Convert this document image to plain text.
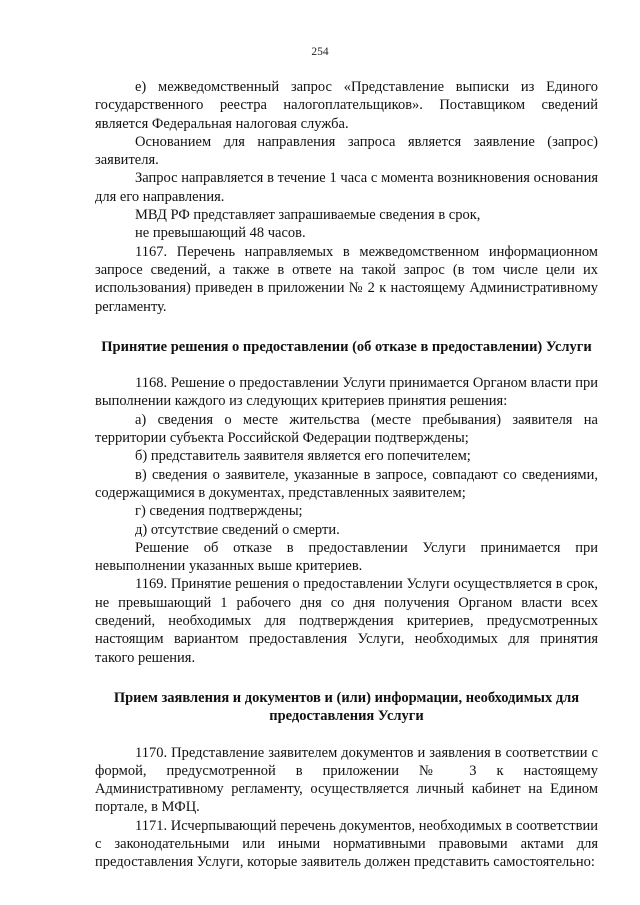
254

е) межведомственный запрос «Представление выписки из Единого государственного реестра налогоплательщиков». Поставщиком сведений является Федеральная налоговая служба.

Основанием для направления запроса является заявление (запрос) заявителя.

Запрос направляется в течение 1 часа с момента возникновения основания для его направления.

МВД РФ представляет запрашиваемые сведения в срок,

не превышающий 48 часов.

1167. Перечень направляемых в межведомственном информационном запросе сведений, а также в ответе на такой запрос (в том числе цели их использования) приведен в приложении № 2 к настоящему Административному регламенту.

Принятие решения о предоставлении (об отказе в предоставлении) Услуги

1168. Решение о предоставлении Услуги принимается Органом власти при выполнении каждого из следующих критериев принятия решения:

а) сведения о месте жительства (месте пребывания) заявителя на территории субъекта Российской Федерации подтверждены;

б) представитель заявителя является его попечителем;

в) сведения о заявителе, указанные в запросе, совпадают со сведениями, содержащимися в документах, представленных заявителем;

г) сведения подтверждены;

д) отсутствие сведений о смерти.

Решение об отказе в предоставлении Услуги принимается при невыполнении указанных выше критериев.

1169. Принятие решения о предоставлении Услуги осуществляется в срок, не превышающий 1 рабочего дня со дня получения Органом власти всех сведений, необходимых для подтверждения критериев, предусмотренных настоящим вариантом предоставления Услуги, необходимых для принятия такого решения.

Прием заявления и документов и (или) информации, необходимых для предоставления Услуги

1170. Представление заявителем документов и заявления в соответствии с формой, предусмотренной в приложении № 3 к настоящему Административному регламенту, осуществляется личный кабинет на Едином портале, в МФЦ.

1171. Исчерпывающий перечень документов, необходимых в соответствии с законодательными или иными нормативными правовыми актами для предоставления Услуги, которые заявитель должен представить самостоятельно:
